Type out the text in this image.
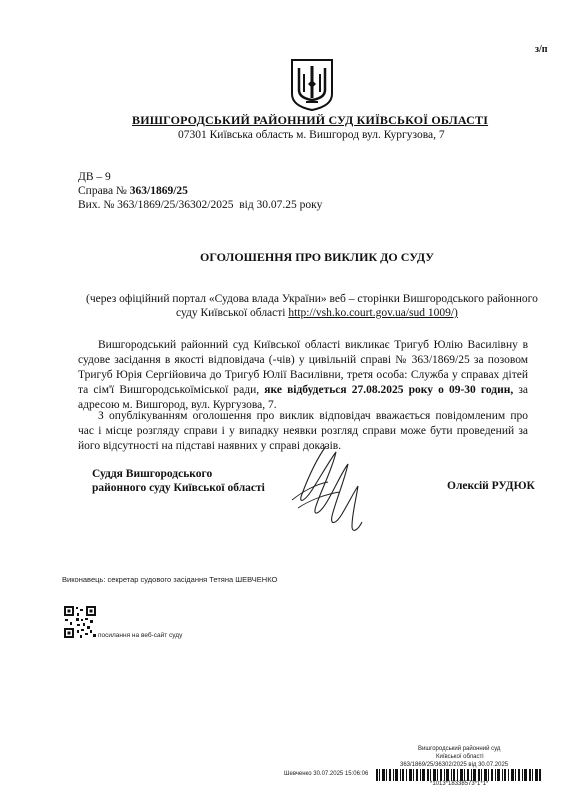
з/п
ВИШГОРОДСЬКИЙ РАЙОННИЙ СУД КИЇВСЬКОЇ ОБЛАСТІ
07301 Київська область м. Вишгород вул. Кургузова, 7
ДВ – 9
Справа № 363/1869/25
Вих. № 363/1869/25/36302/2025 від 30.07.25 року
ОГОЛОШЕННЯ ПРО ВИКЛИК ДО СУДУ
(через офіційний портал «Судова влада України» веб – сторінки Вишгородського районного
суду Київської області http://vsh.ko.court.gov.ua/sud 1009/)
Вишгородський районний суд Київської області викликає Тригуб Юлію Василівну в судове засідання в якості відповідача (-чів) у цивільній справі № 363/1869/25 за позовом Тригуб Юрія Сергійовича до Тригуб Юлії Василівни, третя особа: Служба у справах дітей та сім'ї Вишгородськоїміської ради, яке відбудеться 27.08.2025 року о 09-30 годин, за адресою м. Вишгород, вул. Кургузова, 7.
З опублікуванням оголошення про виклик відповідач вважається повідомленим про час і місце розгляду справи і у випадку неявки розгляд справи може бути проведений за його відсутності на підставі наявних у справі доказів.
Суддя Вишгородського
районного суду Київської області	Олексій РУДЮК
Виконавець: секретар судового засідання Тетяна ШЕВЧЕНКО
посилання на веб-сайт суду
Вишгородський районний суд
Київської області
363/1869/25/36302/2025 від 30.07.2025
Шевченко 30.07.2025 15:06:06
*1013*18338573*1*1*
